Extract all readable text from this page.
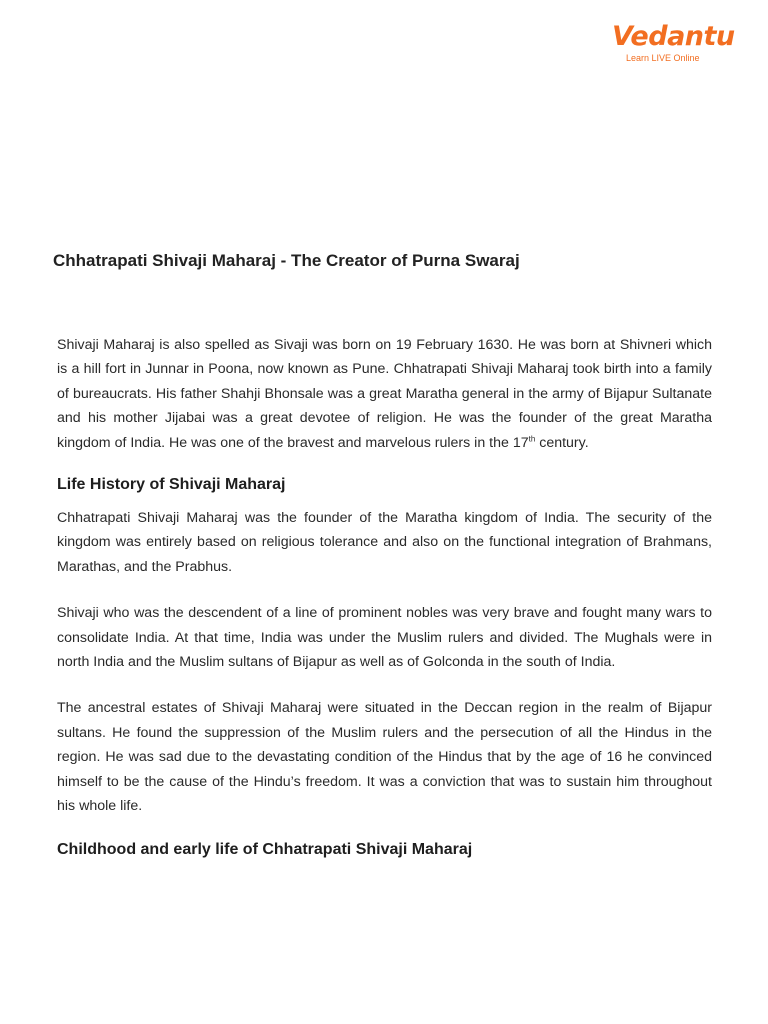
Vedantu
Learn LIVE Online
Chhatrapati Shivaji Maharaj - The Creator of Purna Swaraj

Shivaji Maharaj is also spelled as Sivaji was born on 19 February 1630. He was born at Shivneri which is a hill fort in Junnar in Poona, now known as Pune. Chhatrapati Shivaji Maharaj took birth into a family of bureaucrats. His father Shahji Bhonsale was a great Maratha general in the army of Bijapur Sultanate and his mother Jijabai was a great devotee of religion. He was the founder of the great Maratha kingdom of India. He was one of the bravest and marvelous rulers in the 17th century.

Life History of Shivaji Maharaj

Chhatrapati Shivaji Maharaj was the founder of the Maratha kingdom of India. The security of the kingdom was entirely based on religious tolerance and also on the functional integration of Brahmans, Marathas, and the Prabhus.

Shivaji who was the descendent of a line of prominent nobles was very brave and fought many wars to consolidate India. At that time, India was under the Muslim rulers and divided. The Mughals were in north India and the Muslim sultans of Bijapur as well as of Golconda in the south of India.

The ancestral estates of Shivaji Maharaj were situated in the Deccan region in the realm of Bijapur sultans. He found the suppression of the Muslim rulers and the persecution of all the Hindus in the region. He was sad due to the devastating condition of the Hindus that by the age of 16 he convinced himself to be the cause of the Hindu’s freedom. It was a conviction that was to sustain him throughout his whole life.

Childhood and early life of Chhatrapati Shivaji Maharaj
